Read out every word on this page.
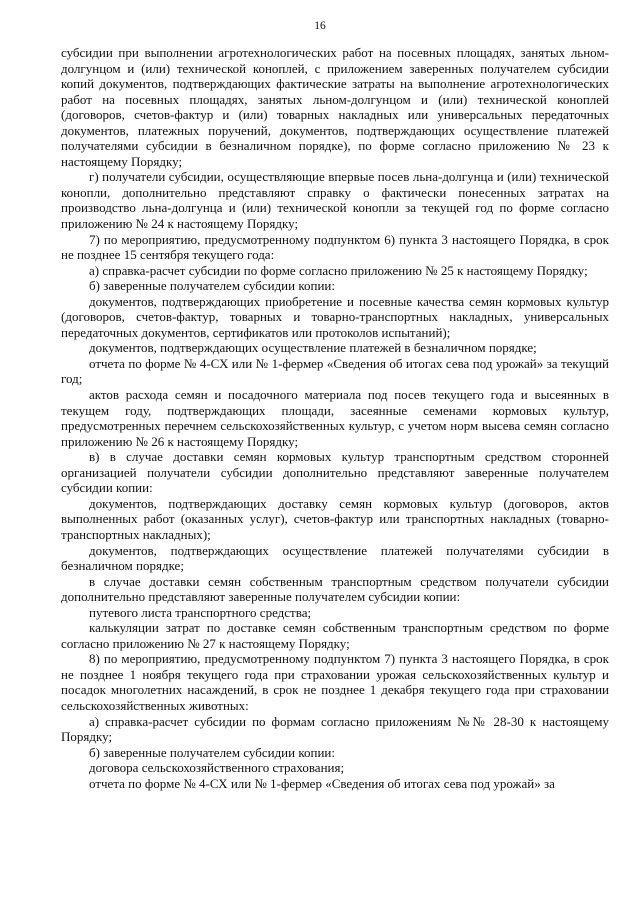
16

субсидии при выполнении агротехнологических работ на посевных площадях, занятых льном-долгунцом и (или) технической коноплей, с приложением заверенных получателем субсидии копий документов, подтверждающих фактические затраты на выполнение агротехнологических работ на посевных площадях, занятых льном-долгунцом и (или) технической коноплей (договоров, счетов-фактур и (или) товарных накладных или универсальных передаточных документов, платежных поручений, документов, подтверждающих осуществление платежей получателями субсидии в безналичном порядке), по форме согласно приложению № 23 к настоящему Порядку;

г) получатели субсидии, осуществляющие впервые посев льна-долгунца и (или) технической конопли, дополнительно представляют справку о фактически понесенных затратах на производство льна-долгунца и (или) технической конопли за текущей год по форме согласно приложению № 24 к настоящему Порядку;

7) по мероприятию, предусмотренному подпунктом 6) пункта 3 настоящего Порядка, в срок не позднее 15 сентября текущего года:

а) справка-расчет субсидии по форме согласно приложению № 25 к настоящему Порядку;

б) заверенные получателем субсидии копии:

документов, подтверждающих приобретение и посевные качества семян кормовых культур (договоров, счетов-фактур, товарных и товарно-транспортных накладных, универсальных передаточных документов, сертификатов или протоколов испытаний);

документов, подтверждающих осуществление платежей в безналичном порядке;

отчета по форме № 4-СХ или № 1-фермер «Сведения об итогах сева под урожай» за текущий год;

актов расхода семян и посадочного материала под посев текущего года и высеянных в текущем году, подтверждающих площади, засеянные семенами кормовых культур, предусмотренных перечнем сельскохозяйственных культур, с учетом норм высева семян согласно приложению № 26 к настоящему Порядку;

в) в случае доставки семян кормовых культур транспортным средством сторонней организацией получатели субсидии дополнительно представляют заверенные получателем субсидии копии:

документов, подтверждающих доставку семян кормовых культур (договоров, актов выполненных работ (оказанных услуг), счетов-фактур или транспортных накладных (товарно-транспортных накладных);

документов, подтверждающих осуществление платежей получателями субсидии в безналичном порядке;

в случае доставки семян собственным транспортным средством получатели субсидии дополнительно представляют заверенные получателем субсидии копии:

путевого листа транспортного средства;

калькуляции затрат по доставке семян собственным транспортным средством по форме согласно приложению № 27 к настоящему Порядку;

8) по мероприятию, предусмотренному подпунктом 7) пункта 3 настоящего Порядка, в срок не позднее 1 ноября текущего года при страховании урожая сельскохозяйственных культур и посадок многолетних насаждений, в срок не позднее 1 декабря текущего года при страховании сельскохозяйственных животных:

а) справка-расчет субсидии по формам согласно приложениям №№ 28-30 к настоящему Порядку;

б) заверенные получателем субсидии копии:

договора сельскохозяйственного страхования;

отчета по форме № 4-СХ или № 1-фермер «Сведения об итогах сева под урожай» за
